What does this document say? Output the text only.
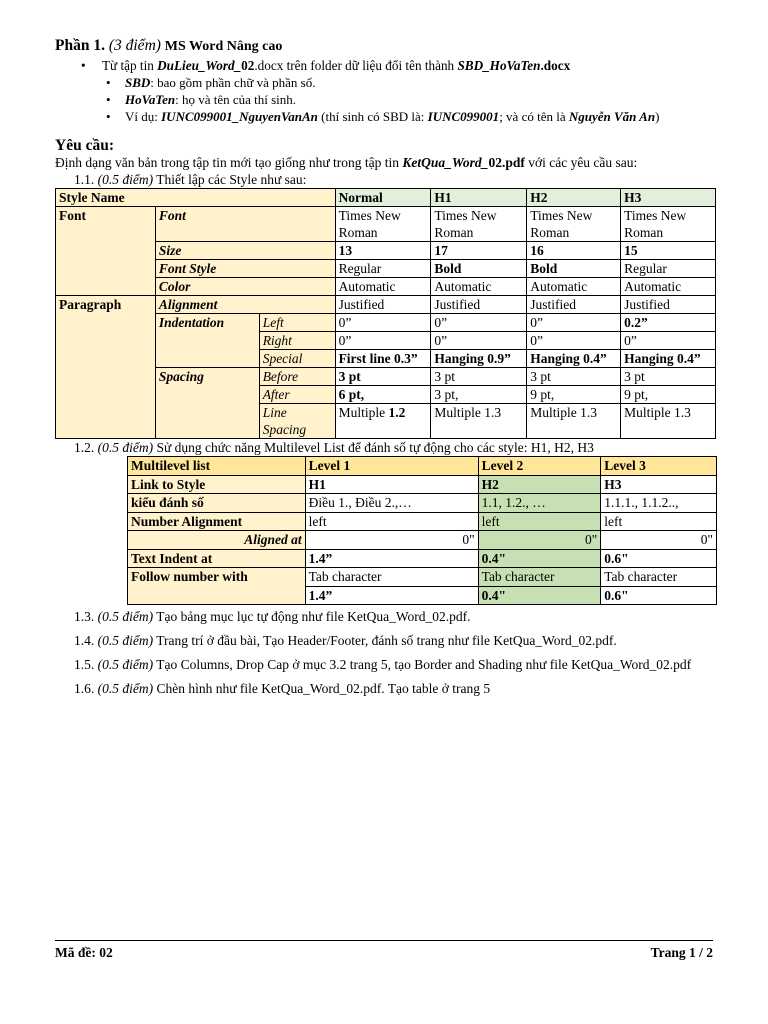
Phần 1. (3 điểm) MS Word Nâng cao
• Từ tập tin DuLieu_Word_02.docx trên folder dữ liệu đổi tên thành SBD_HoVaTen.docx
• SBD: bao gồm phần chữ và phần số.
• HoVaTen: họ và tên của thí sinh.
• Ví dụ: IUNC099001_NguyenVanAn (thí sinh có SBD là: IUNC099001; và có tên là Nguyễn Văn An)
Yêu cầu:
Định dạng văn bản trong tập tin mới tạo giống như trong tập tin KetQua_Word_02.pdf với các yêu cầu sau:
1.1. (0.5 điểm) Thiết lập các Style như sau:
Style Name			Normal	H1	H2	H3
Font	Font		Times New Roman	Times New Roman	Times New Roman	Times New Roman
	Size		13	17	16	15
	Font Style		Regular	Bold	Bold	Regular
	Color		Automatic	Automatic	Automatic	Automatic
Paragraph	Alignment		Justified	Justified	Justified	Justified
	Indentation	Left	0”	0”	0”	0.2”
		Right	0”	0”	0”	0”
		Special	First line 0.3”	Hanging 0.9”	Hanging 0.4”	Hanging 0.4”
	Spacing	Before	3 pt	3 pt	3 pt	3 pt
		After	6 pt,	3 pt,	9 pt,	9 pt,
		Line Spacing	Multiple 1.2	Multiple 1.3	Multiple 1.3	Multiple 1.3
1.2. (0.5 điểm) Sử dụng chức năng Multilevel List để đánh số tự động cho các style: H1, H2, H3
Multilevel list	Level 1	Level 2	Level 3
Link to Style	H1	H2	H3
kiểu đánh số	Điều 1., Điều 2.,…	1.1, 1.2., …	1.1.1., 1.1.2..,
Number Alignment	left	left	left
Aligned at	0"	0"	0"
Text Indent at	1.4”	0.4"	0.6"
Follow number with	Tab character	Tab character	Tab character
	1.4”	0.4"	0.6"
1.3. (0.5 điểm) Tạo bảng mục lục tự động như file KetQua_Word_02.pdf.
1.4. (0.5 điểm) Trang trí ở đầu bài, Tạo Header/Footer, đánh số trang như file KetQua_Word_02.pdf.
1.5. (0.5 điểm) Tạo Columns, Drop Cap ở mục 3.2 trang 5, tạo Border and Shading như file KetQua_Word_02.pdf
1.6. (0.5 điểm) Chèn hình như file KetQua_Word_02.pdf. Tạo table ở trang 5
Mã đề: 02	Trang 1 / 2
